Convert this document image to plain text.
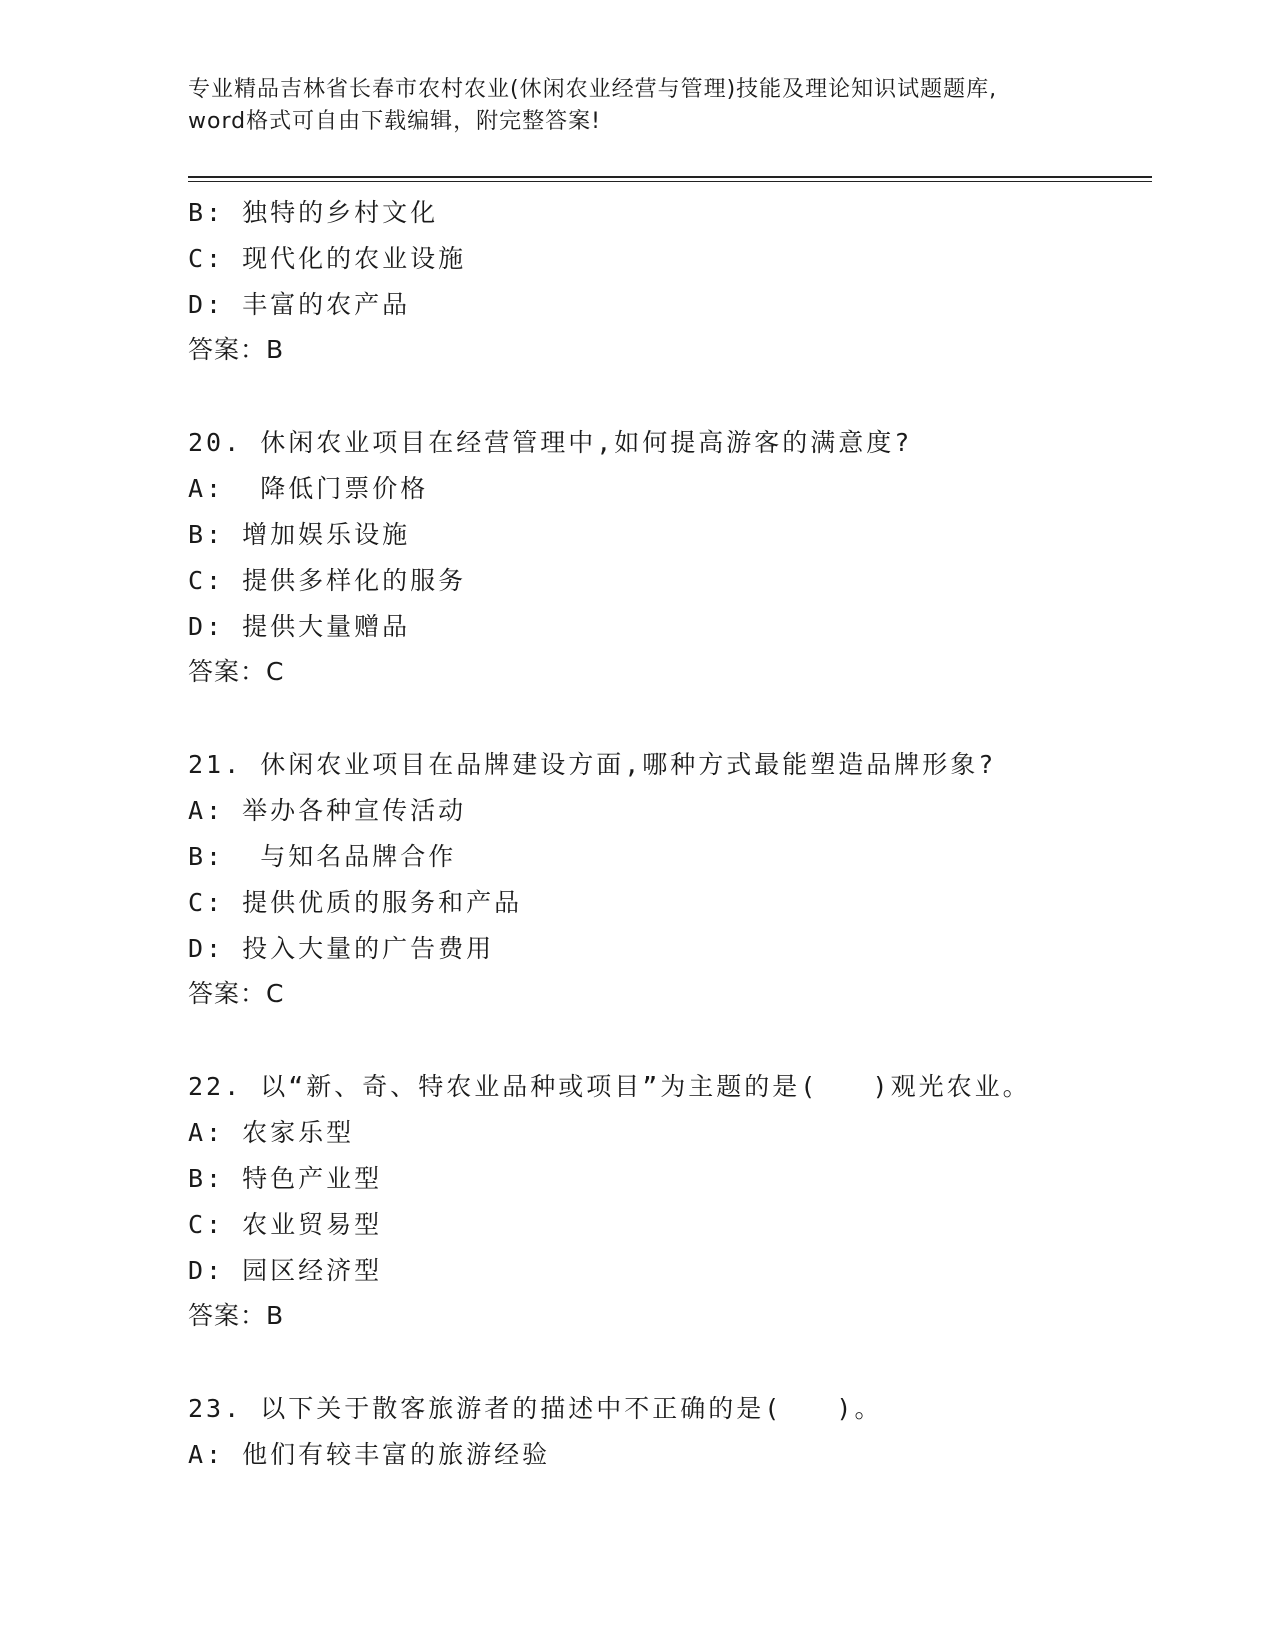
专业精品吉林省长春市农村农业(休闲农业经营与管理)技能及理论知识试题题库,
word格式可自由下载编辑，附完整答案!
B: 独特的乡村文化
C: 现代化的农业设施
D: 丰富的农产品
答案：B
20. 休闲农业项目在经营管理中,如何提高游客的满意度?
A:  降低门票价格
B: 增加娱乐设施
C: 提供多样化的服务
D: 提供大量赠品
答案：C
21. 休闲农业项目在品牌建设方面,哪种方式最能塑造品牌形象?
A: 举办各种宣传活动
B:  与知名品牌合作
C: 提供优质的服务和产品
D: 投入大量的广告费用
答案：C
22. 以“新、奇、特农业品种或项目”为主题的是(   )观光农业。
A: 农家乐型
B: 特色产业型
C: 农业贸易型
D: 园区经济型
答案：B
23. 以下关于散客旅游者的描述中不正确的是(   )。
A: 他们有较丰富的旅游经验
